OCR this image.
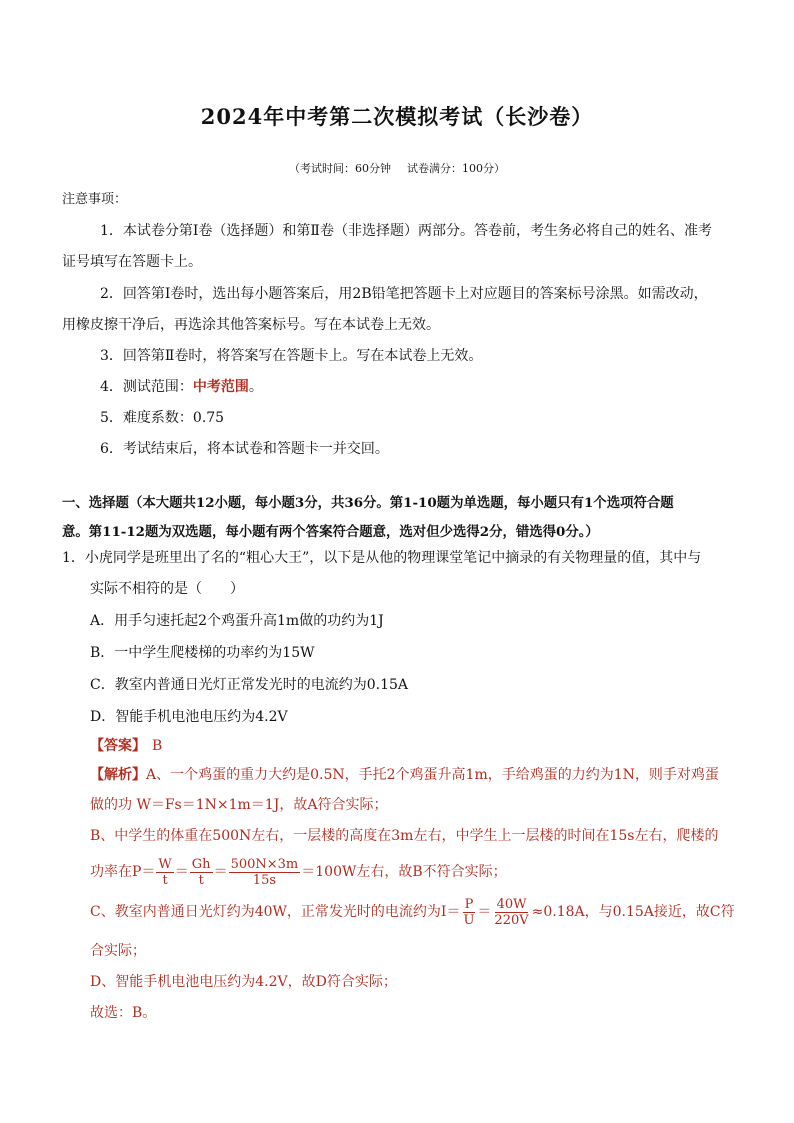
2024年中考第二次模拟考试（长沙卷）
（考试时间：60分钟 试卷满分：100分）
注意事项：
1．本试卷分第Ⅰ卷（选择题）和第Ⅱ卷（非选择题）两部分。答卷前，考生务必将自己的姓名、准考
证号填写在答题卡上。
2．回答第Ⅰ卷时，选出每小题答案后，用2B铅笔把答题卡上对应题目的答案标号涂黑。如需改动，
用橡皮擦干净后，再选涂其他答案标号。写在本试卷上无效。
3．回答第Ⅱ卷时，将答案写在答题卡上。写在本试卷上无效。
4．测试范围：中考范围。
5．难度系数：0.75
6．考试结束后，将本试卷和答题卡一并交回。
一、选择题（本大题共12小题，每小题3分，共36分。第1-10题为单选题，每小题只有1个选项符合题
意。第11-12题为双选题，每小题有两个答案符合题意，选对但少选得2分，错选得0分。）
1．小虎同学是班里出了名的“粗心大王”，以下是从他的物理课堂笔记中摘录的有关物理量的值，其中与
实际不相符的是（　　）
A．用手匀速托起2个鸡蛋升高1m做的功约为1J
B．一中学生爬楼梯的功率约为15W
C．教室内普通日光灯正常发光时的电流约为0.15A
D．智能手机电池电压约为4.2V
【答案】 B
【解析】A、一个鸡蛋的重力大约是0.5N，手托2个鸡蛋升高1m，手给鸡蛋的力约为1N，则手对鸡蛋
做的功 W＝Fs＝1N×1m＝1J，故A符合实际；
B、中学生的体重在500N左右，一层楼的高度在3m左右，中学生上一层楼的时间在15s左右，爬楼的
功率在$P= \frac{W}{t} = \frac{Gh}{t} = \frac{500N\times 3m}{15s} =100W$左右，故B不符合实际；
C、教室内普通日光灯约为40W，正常发光时的电流约为$I= \frac{P}{U} = \frac{40W}{220V} \approx 0.18A$，与0.15A接近，故C符
合实际；
D、智能手机电池电压约为4.2V，故D符合实际；
故选：B。
